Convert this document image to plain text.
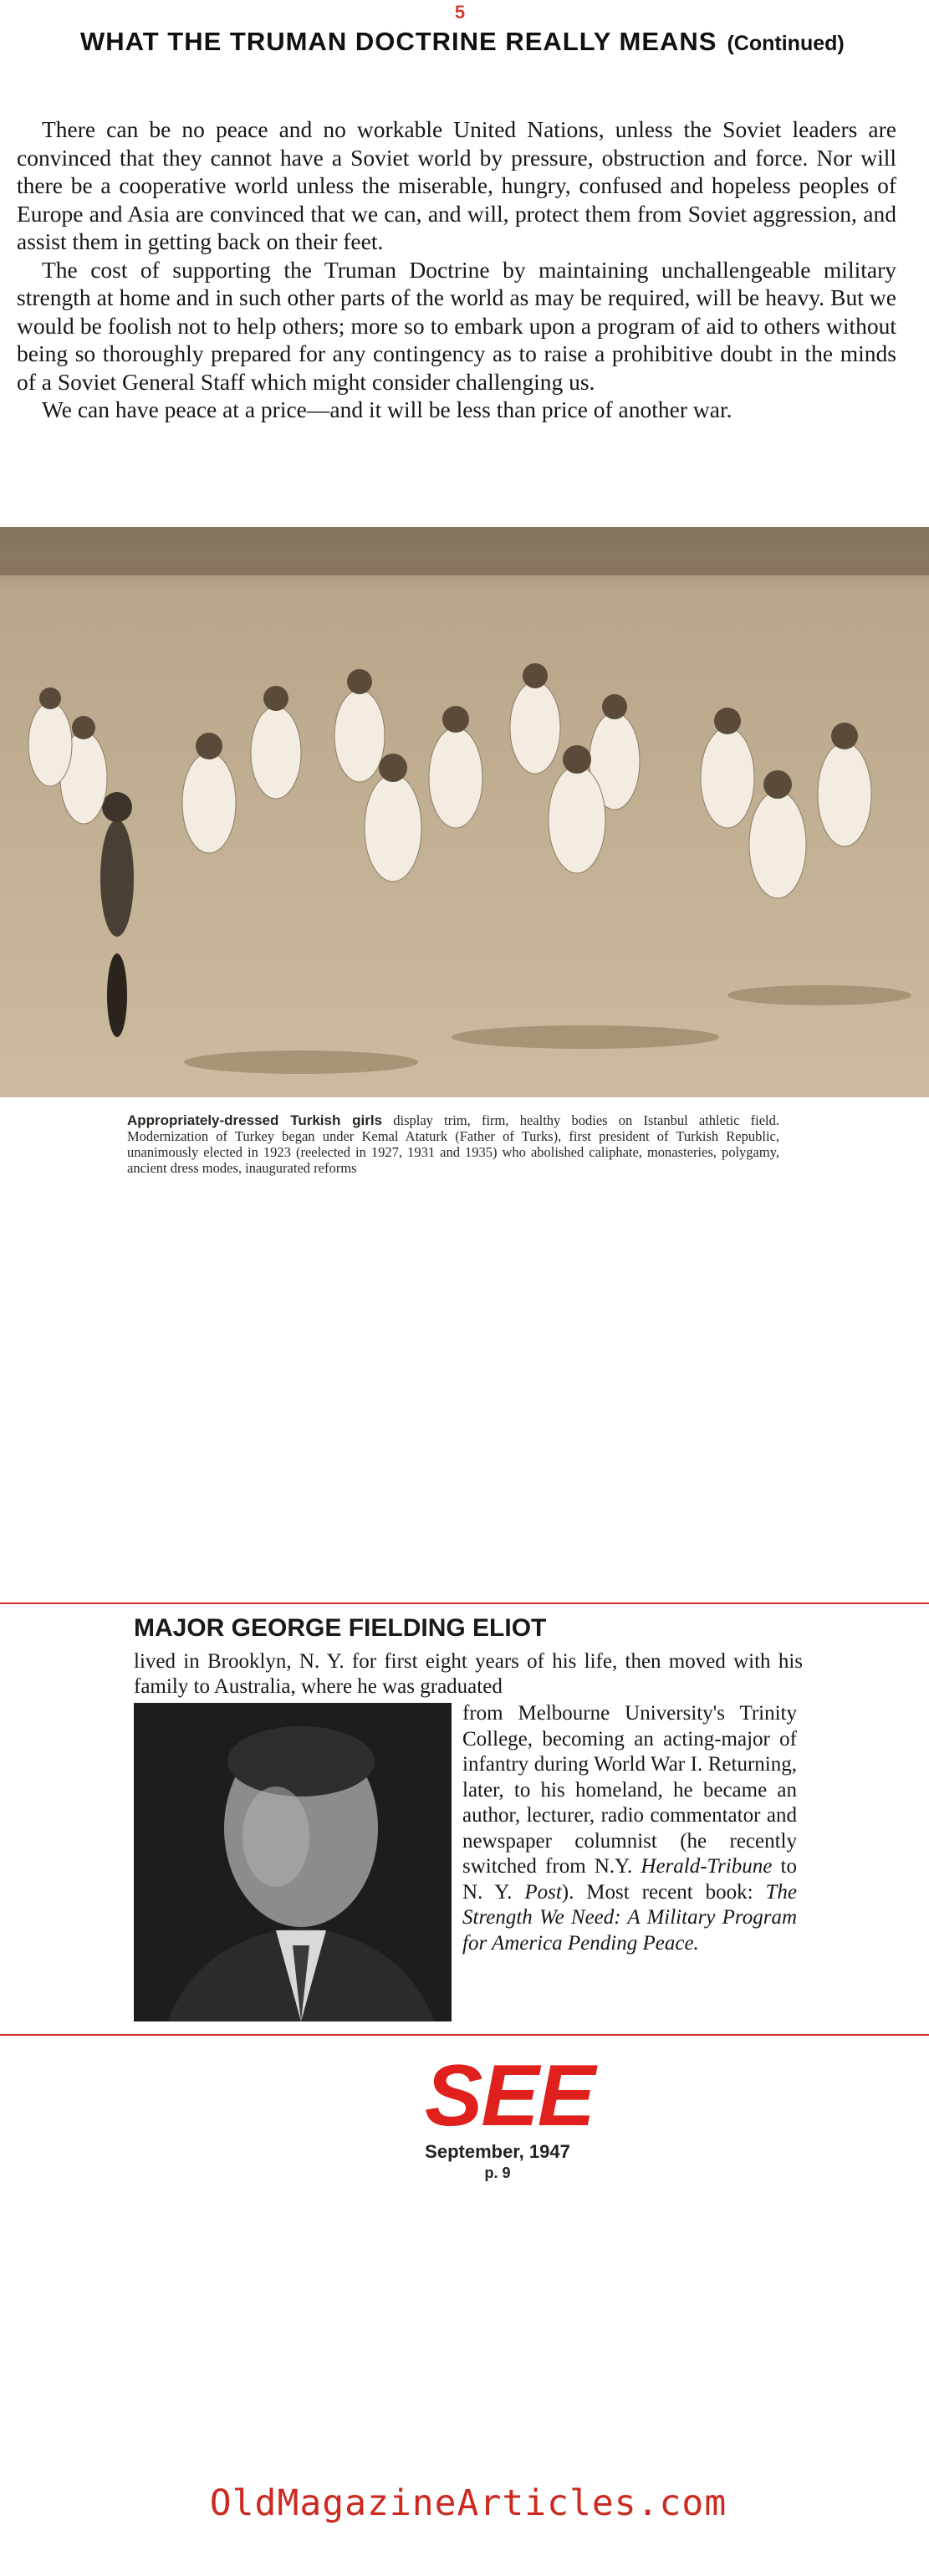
5
WHAT THE TRUMAN DOCTRINE REALLY MEANS (Continued)

There can be no peace and no workable United Nations, unless the Soviet leaders are convinced that they cannot have a Soviet world by pressure, obstruction and force. Nor will there be a cooperative world unless the miserable, hungry, confused and hopeless peoples of Europe and Asia are convinced that we can, and will, protect them from Soviet aggression, and assist them in getting back on their feet.

The cost of supporting the Truman Doctrine by maintaining unchallengeable military strength at home and in such other parts of the world as may be required, will be heavy. But we would be foolish not to help others; more so to embark upon a program of aid to others without being so thoroughly prepared for any contingency as to raise a prohibitive doubt in the minds of a Soviet General Staff which might consider challenging us.

We can have peace at a price—and it will be less than price of another war.

Appropriately-dressed Turkish girls display trim, firm, healthy bodies on Istanbul athletic field. Modernization of Turkey began under Kemal Ataturk (Father of Turks), first president of Turkish Republic, unanimously elected in 1923 (reelected in 1927, 1931 and 1935) who abolished caliphate, monasteries, polygamy, ancient dress modes, inaugurated reforms
MAJOR GEORGE FIELDING ELIOT
lived in Brooklyn, N. Y. for first eight years of his life, then moved with his family to Australia, where he was graduated
from Melbourne University's Trinity College, becoming an acting-major of infantry during World War I. Returning, later, to his homeland, he became an author, lecturer, radio commentator and newspaper columnist (he recently switched from N.Y. Herald-Tribune to N. Y. Post). Most recent book: The Strength We Need: A Military Program for America Pending Peace.
SEE
September, 1947
p. 9
OldMagazineArticles.com
